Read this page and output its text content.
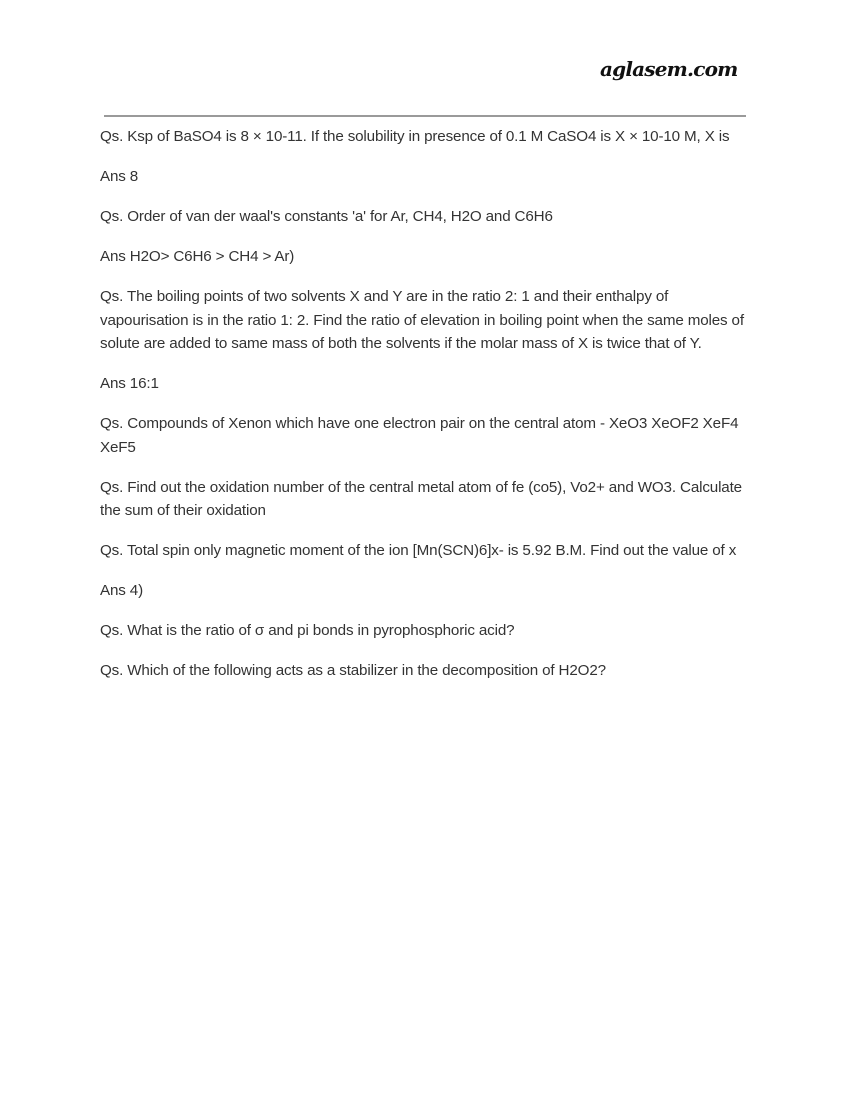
aglasem.com

Qs. Ksp of BaSO4 is 8 × 10-11. If the solubility in presence of 0.1 M CaSO4 is X × 10-10 M, X is

Ans 8

Qs. Order of van der waal's constants 'a' for Ar, CH4, H2O and C6H6

Ans H2O> C6H6 > CH4 > Ar)

Qs. The boiling points of two solvents X and Y are in the ratio 2: 1 and their enthalpy of vapourisation is in the ratio 1: 2. Find the ratio of elevation in boiling point when the same moles of solute are added to same mass of both the solvents if the molar mass of X is twice that of Y.

Ans 16:1

Qs. Compounds of Xenon which have one electron pair on the central atom - XeO3 XeOF2 XeF4 XeF5

Qs. Find out the oxidation number of the central metal atom of fe (co5), Vo2+ and WO3. Calculate the sum of their oxidation

Qs. Total spin only magnetic moment of the ion [Mn(SCN)6]x- is 5.92 B.M. Find out the value of x

Ans 4)

Qs. What is the ratio of σ and pi bonds in pyrophosphoric acid?

Qs. Which of the following acts as a stabilizer in the decomposition of H2O2?
